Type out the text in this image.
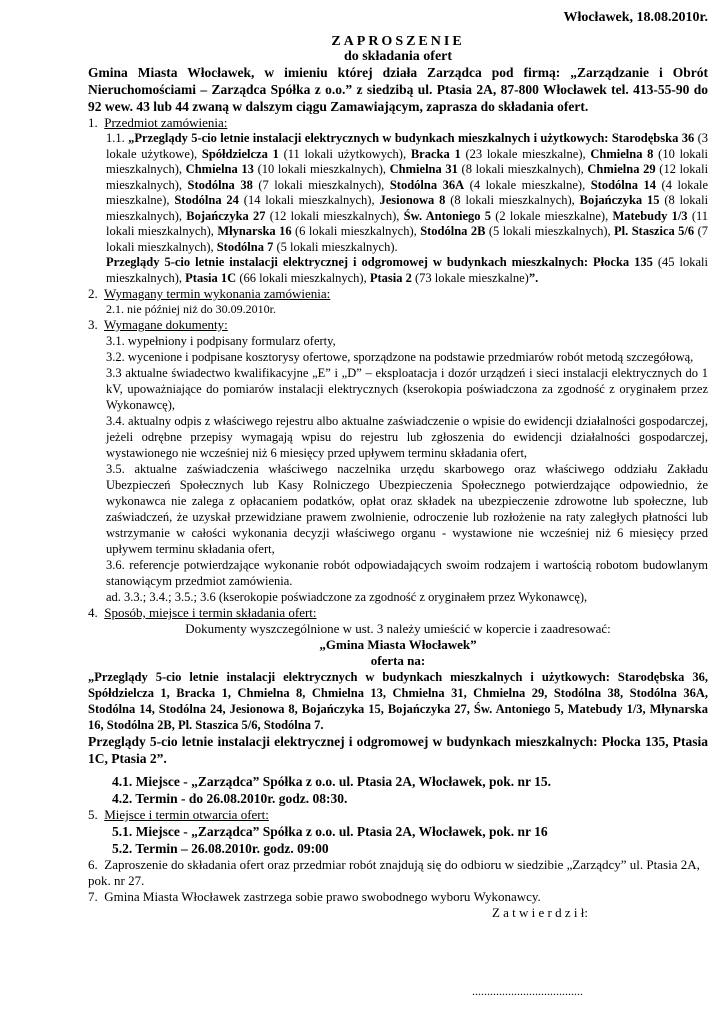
Włocławek, 18.08.2010r.

ZAPROSZENIE

do składania ofert

Gmina Miasta Włocławek, w imieniu której działa Zarządca pod firmą: „Zarządzanie i Obrót Nieruchomościami – Zarządca Spółka z o.o.” z siedzibą ul. Ptasia 2A, 87-800 Włocławek tel. 413-55-90 do 92 wew. 43 lub 44 zwaną w dalszym ciągu Zamawiającym, zaprasza do składania ofert.

1. Przedmiot zamówienia:

1.1. „Przeglądy 5-cio letnie instalacji elektrycznych w budynkach mieszkalnych i użytkowych: Starodębska 36 (3 lokale użytkowe), Spółdzielcza 1 (11 lokali użytkowych), Bracka 1 (23 lokale mieszkalne), Chmielna 8 (10 lokali mieszkalnych), Chmielna 13 (10 lokali mieszkalnych), Chmielna 31 (8 lokali mieszkalnych), Chmielna 29 (12 lokali mieszkalnych), Stodólna 38 (7 lokali mieszkalnych), Stodólna 36A (4 lokale mieszkalne), Stodólna 14 (4 lokale mieszkalne), Stodólna 24 (14 lokali mieszkalnych), Jesionowa 8 (8 lokali mieszkalnych), Bojańczyka 15 (8 lokali mieszkalnych), Bojańczyka 27 (12 lokali mieszkalnych), Św. Antoniego 5 (2 lokale mieszkalne), Matebudy 1/3 (11 lokali mieszkalnych), Młynarska 16 (6 lokali mieszkalnych), Stodólna 2B (5 lokali mieszkalnych), Pl. Staszica 5/6 (7 lokali mieszkalnych), Stodólna 7 (5 lokali mieszkalnych).
Przeglądy 5-cio letnie instalacji elektrycznej i odgromowej w budynkach mieszkalnych: Płocka 135 (45 lokali mieszkalnych), Ptasia 1C (66 lokali mieszkalnych), Ptasia 2 (73 lokale mieszkalne)”.

2. Wymagany termin wykonania zamówienia:

2.1. nie później niż do 30.09.2010r.

3. Wymagane dokumenty:

3.1. wypełniony i podpisany formularz oferty,

3.2. wycenione i podpisane kosztorysy ofertowe, sporządzone na podstawie przedmiarów robót metodą szczegółową,

3.3 aktualne świadectwo kwalifikacyjne „E” i „D” – eksploatacja i dozór urządzeń i sieci instalacji elektrycznych do 1 kV, upoważniające do pomiarów instalacji elektrycznych (kserokopia poświadczona za zgodność z oryginałem przez Wykonawcę),

3.4. aktualny odpis z właściwego rejestru albo aktualne zaświadczenie o wpisie do ewidencji działalności gospodarczej, jeżeli odrębne przepisy wymagają wpisu do rejestru lub zgłoszenia do ewidencji działalności gospodarczej, wystawionego nie wcześniej niż 6 miesięcy przed upływem terminu składania ofert,

3.5. aktualne zaświadczenia właściwego naczelnika urzędu skarbowego oraz właściwego oddziału Zakładu Ubezpieczeń Społecznych lub Kasy Rolniczego Ubezpieczenia Społecznego potwierdzające odpowiednio, że wykonawca nie zalega z opłacaniem podatków, opłat oraz składek na ubezpieczenie zdrowotne lub społeczne, lub zaświadczeń, że uzyskał przewidziane prawem zwolnienie, odroczenie lub rozłożenie na raty zaległych płatności lub wstrzymanie w całości wykonania decyzji właściwego organu - wystawione nie wcześniej niż 6 miesięcy przed upływem terminu składania ofert,

3.6. referencje potwierdzające wykonanie robót odpowiadających swoim rodzajem i wartością robotom budowlanym stanowiącym przedmiot zamówienia.

ad. 3.3.; 3.4.; 3.5.; 3.6 (kserokopie poświadczone za zgodność z oryginałem przez Wykonawcę),

4. Sposób, miejsce i termin składania ofert:

Dokumenty wyszczególnione w ust. 3 należy umieścić w kopercie i zaadresować:

„Gmina Miasta Włocławek”

oferta na:

„Przeglądy 5-cio letnie instalacji elektrycznych w budynkach mieszkalnych i użytkowych: Starodębska 36, Spółdzielcza 1, Bracka 1, Chmielna 8, Chmielna 13, Chmielna 31, Chmielna 29, Stodólna 38, Stodólna 36A, Stodólna 14, Stodólna 24, Jesionowa 8, Bojańczyka 15, Bojańczyka 27, Św. Antoniego 5, Matebudy 1/3, Młynarska 16, Stodólna 2B, Pl. Staszica 5/6, Stodólna 7.

Przeglądy 5-cio letnie instalacji elektrycznej i odgromowej w budynkach mieszkalnych: Płocka 135, Ptasia 1C, Ptasia 2”.

4.1. Miejsce - „Zarządca” Spółka z o.o. ul. Ptasia 2A, Włocławek, pok. nr 15.

4.2. Termin - do 26.08.2010r. godz. 08:30.

5. Miejsce i termin otwarcia ofert:

5.1. Miejsce - „Zarządca” Spółka z o.o. ul. Ptasia 2A, Włocławek, pok. nr 16

5.2. Termin – 26.08.2010r. godz. 09:00

6. Zaproszenie do składania ofert oraz przedmiar robót znajdują się do odbioru w siedzibie „Zarządcy” ul. Ptasia 2A, pok. nr 27.

7. Gmina Miasta Włocławek zastrzega sobie prawo swobodnego wyboru Wykonawcy.

Z a t w i e r d z i ł:

.....................................
